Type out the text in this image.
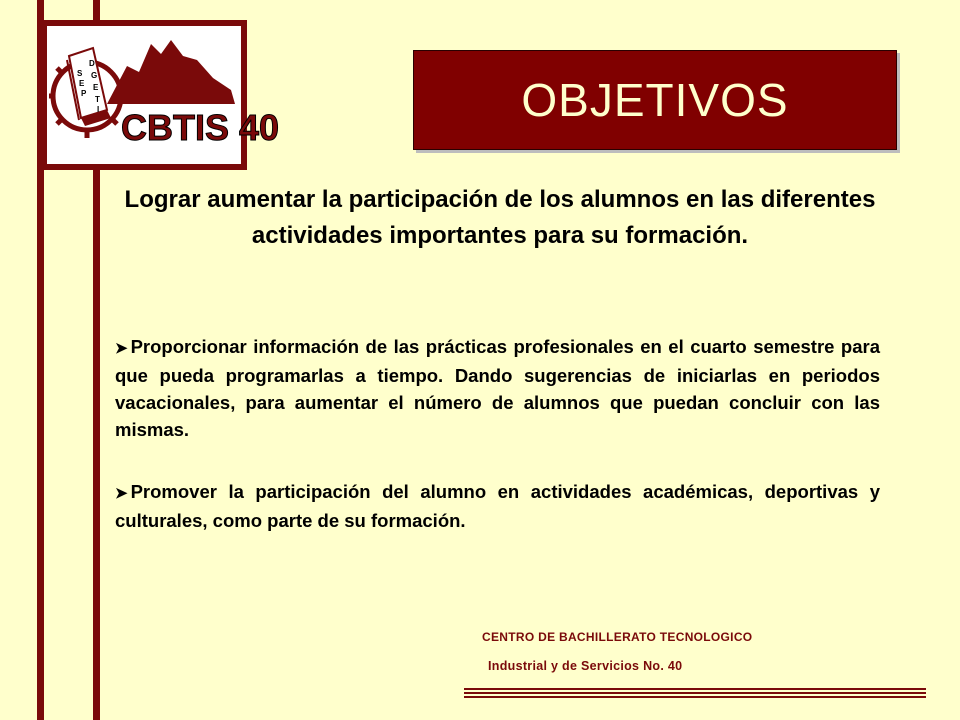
S
E
P
D
G
E
T
I CBTIS 40
OBJETIVOS
Lograr aumentar la participación de los alumnos en las diferentes actividades importantes para su formación.
➤ Proporcionar información de las prácticas profesionales en el cuarto semestre para que pueda programarlas a tiempo. Dando sugerencias de iniciarlas en periodos vacacionales, para aumentar el número de alumnos que puedan concluir con las mismas.
➤ Promover la participación del alumno en actividades académicas, deportivas y culturales, como parte de su formación.
CENTRO DE BACHILLERATO TECNOLOGICO
Industrial y de Servicios No. 40
